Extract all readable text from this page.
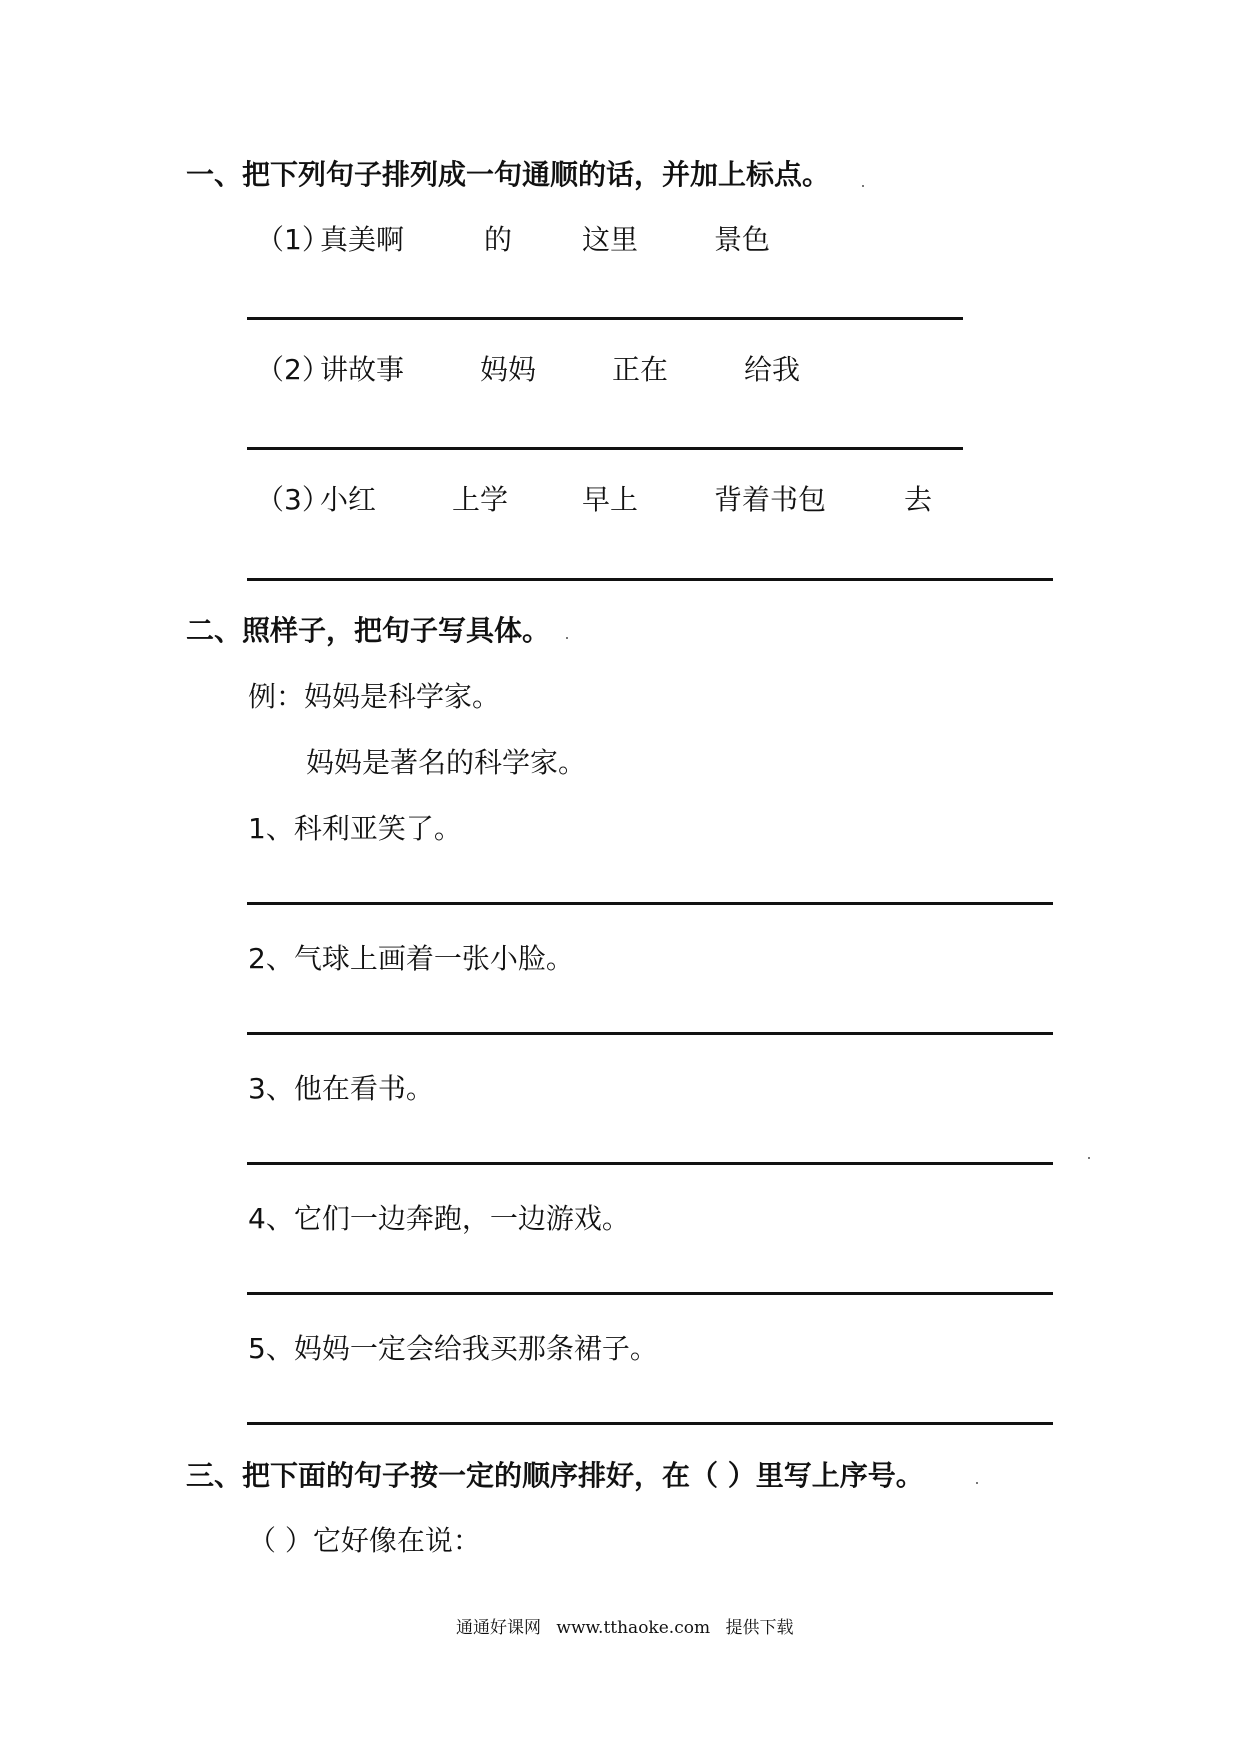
一、把下列句子排列成一句通顺的话，并加上标点。
（1）
真美啊	的 这里	景色
（2）
讲故事	妈妈	正在	给我
（3）
小红	上学	早上	背着书包	去
二、照样子，把句子写具体。
例：妈妈是科学家。
妈妈是著名的科学家。
1、科利亚笑了。
2、气球上画着一张小脸。
3、他在看书。
4、它们一边奔跑，一边游戏。
5、妈妈一定会给我买那条裙子。
三、把下面的句子按一定的顺序排好，在（ ）里写上序号。
（ ）它好像在说：
通通好课网 www.tthaoke.com 提供下载
